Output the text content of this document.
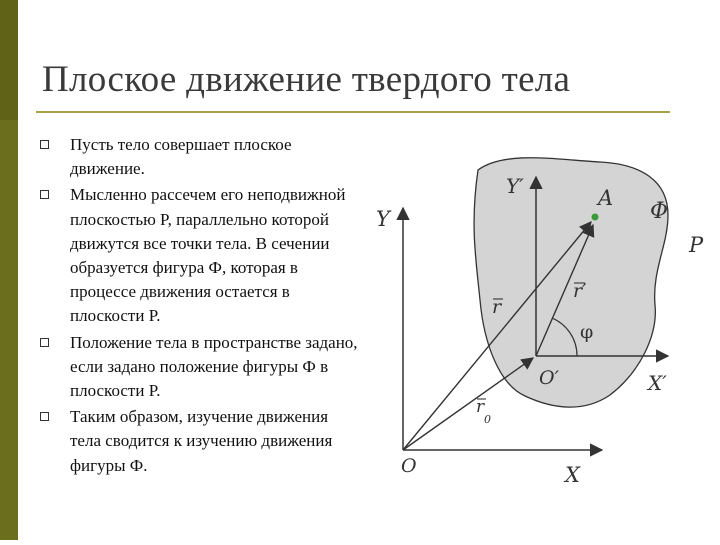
Плоское движение твердого тела
Пусть тело совершает плоское движение.
Мысленно рассечем его неподвижной плоскостью P, параллельно которой движутся все точки тела. В сечении образуется фигура Ф, которая в процессе движения остается в плоскости P.
Положение тела в пространстве задано, если задано положение фигуры Ф в плоскости P.
Таким образом, изучение движения тела сводится к изучению движения фигуры Ф.
Y
X
O
Y′
X′
O′
A
Φ
P
r
r′
r
0
φ
